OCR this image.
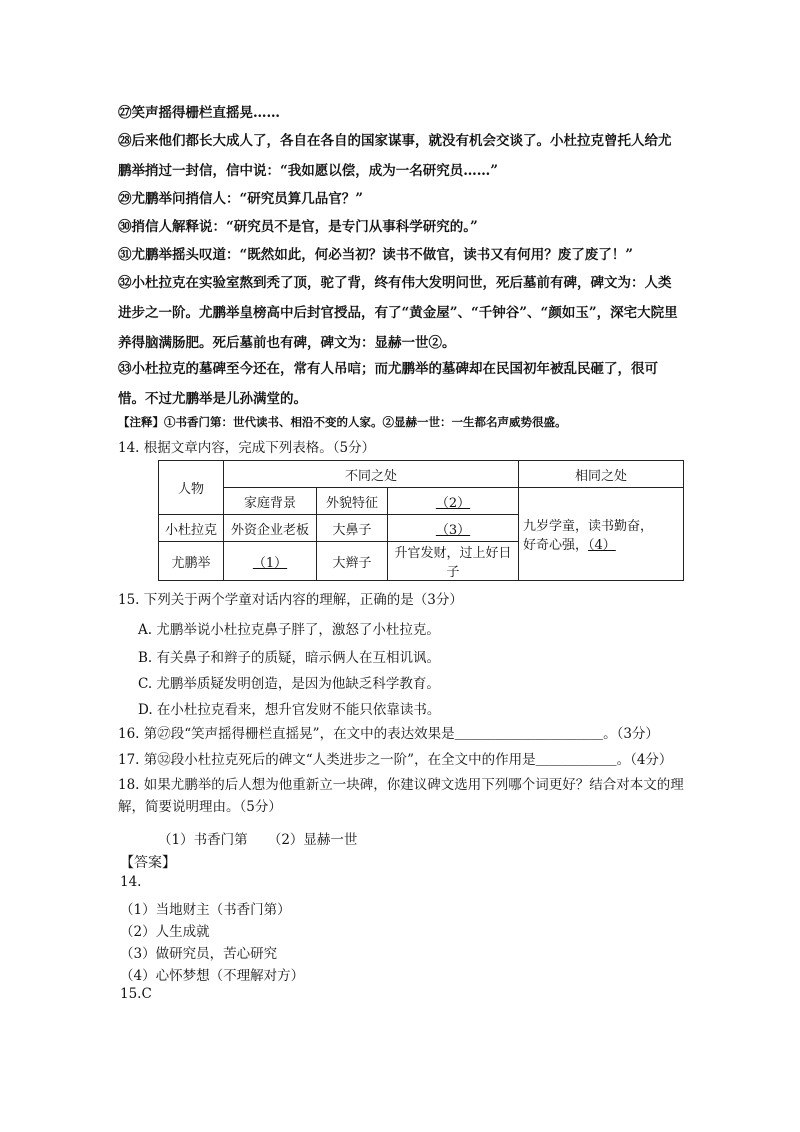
㉗笑声摇得栅栏直摇晃……
㉘后来他们都长大成人了，各自在各自的国家谋事，就没有机会交谈了。小杜拉克曾托人给尤鹏举捎过一封信，信中说：“我如愿以偿，成为一名研究员……”
㉙尤鹏举问捎信人：“研究员算几品官？”
㉚捎信人解释说：“研究员不是官，是专门从事科学研究的。”
㉛尤鹏举摇头叹道：“既然如此，何必当初？读书不做官，读书又有何用？废了废了！”
㉜小杜拉克在实验室熬到秃了顶，驼了背，终有伟大发明问世，死后墓前有碑，碑文为：人类进步之一阶。尤鹏举皇榜高中后封官授品，有了“黄金屋”、“千钟谷”、“颜如玉”，深宅大院里养得脑满肠肥。死后墓前也有碑，碑文为：显赫一世②。
㉝小杜拉克的墓碑至今还在，常有人吊唁；而尤鹏举的墓碑却在民国初年被乱民砸了，很可惜。不过尤鹏举是儿孙满堂的。
【注释】①书香门第：世代读书、相沿不变的人家。②显赫一世：一生都名声威势很盛。
14. 根据文章内容，完成下列表格。（5分）
人物	不同之处			相同之处
	家庭背景	外貌特征	（2）	九岁学童，读书勤奋，
好奇心强，（4）

小杜拉克	外资企业老板	大鼻子	（3）	
尤鹏举	（1）	大辫子	升官发财，过上好日子	
15. 下列关于两个学童对话内容的理解，正确的是（3分）
A. 尤鹏举说小杜拉克鼻子胖了，激怒了小杜拉克。
B. 有关鼻子和辫子的质疑，暗示俩人在互相讥讽。
C. 尤鹏举质疑发明创造，是因为他缺乏科学教育。
D. 在小杜拉克看来，想升官发财不能只依靠读书。
16. 第㉗段“笑声摇得栅栏直摇晃”，在文中的表达效果是＿＿＿＿＿＿＿＿＿＿＿。（3分）
17. 第㉜段小杜拉克死后的碑文“人类进步之一阶”，在全文中的作用是＿＿＿＿＿＿。（4分）
18. 如果尤鹏举的后人想为他重新立一块碑，你建议碑文选用下列哪个词更好？结合对本文的理解，简要说明理由。（5分）
（1）书香门第　　（2）显赫一世
【答案】
14.
（1）当地财主（书香门第）
（2）人生成就
（3）做研究员，苦心研究
（4）心怀梦想（不理解对方）
15.C
